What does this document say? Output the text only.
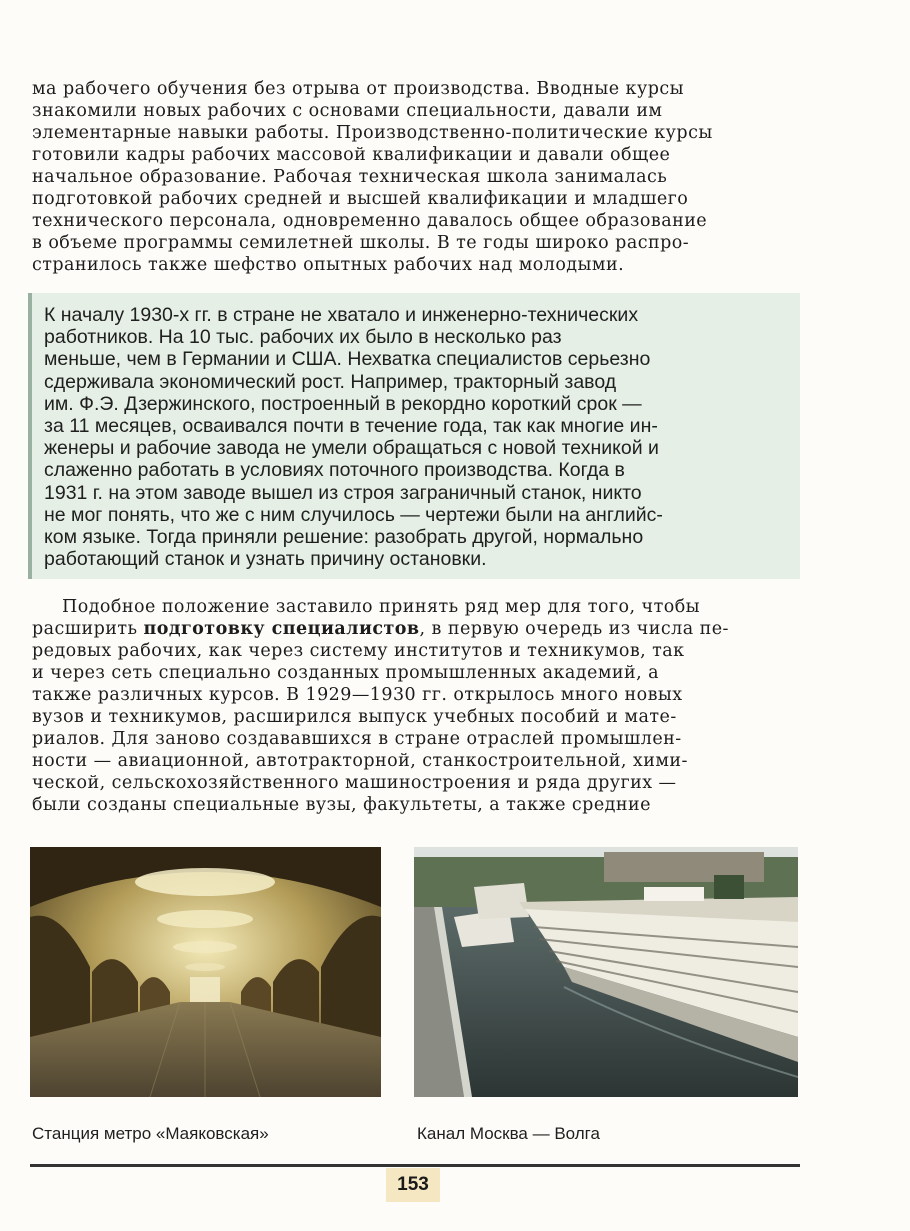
ма рабочего обучения без отрыва от производства. Вводные курсы
знакомили новых рабочих с основами специальности, давали им
элементарные навыки работы. Производственно-политические курсы
готовили кадры рабочих массовой квалификации и давали общее
начальное образование. Рабочая техническая школа занималась
подготовкой рабочих средней и высшей квалификации и младшего
технического персонала, одновременно давалось общее образование
в объеме программы семилетней школы. В те годы широко распро-
странилось также шефство опытных рабочих над молодыми.
К началу 1930-х гг. в стране не хватало и инженерно-технических
работников. На 10 тыс. рабочих их было в несколько раз
меньше, чем в Германии и США. Нехватка специалистов серьезно
сдерживала экономический рост. Например, тракторный завод
им. Ф.Э. Дзержинского, построенный в рекордно короткий срок —
за 11 месяцев, осваивался почти в течение года, так как многие ин-
женеры и рабочие завода не умели обращаться с новой техникой и
слаженно работать в условиях поточного производства. Когда в
1931 г. на этом заводе вышел из строя заграничный станок, никто
не мог понять, что же с ним случилось — чертежи были на английс-
ком языке. Тогда приняли решение: разобрать другой, нормально
работающий станок и узнать причину остановки.
Подобное положение заставило принять ряд мер для того, чтобы
расширить подготовку специалистов, в первую очередь из числа пе-
редовых рабочих, как через систему институтов и техникумов, так
и через сеть специально созданных промышленных академий, а
также различных курсов. В 1929—1930 гг. открылось много новых
вузов и техникумов, расширился выпуск учебных пособий и мате-
риалов. Для заново создававшихся в стране отраслей промышлен-
ности — авиационной, автотракторной, станкостроительной, хими-
ческой, сельскохозяйственного машиностроения и ряда других —
были созданы специальные вузы, факультеты, а также средние
Станция метро «Маяковская»	Канал Москва — Волга
153
